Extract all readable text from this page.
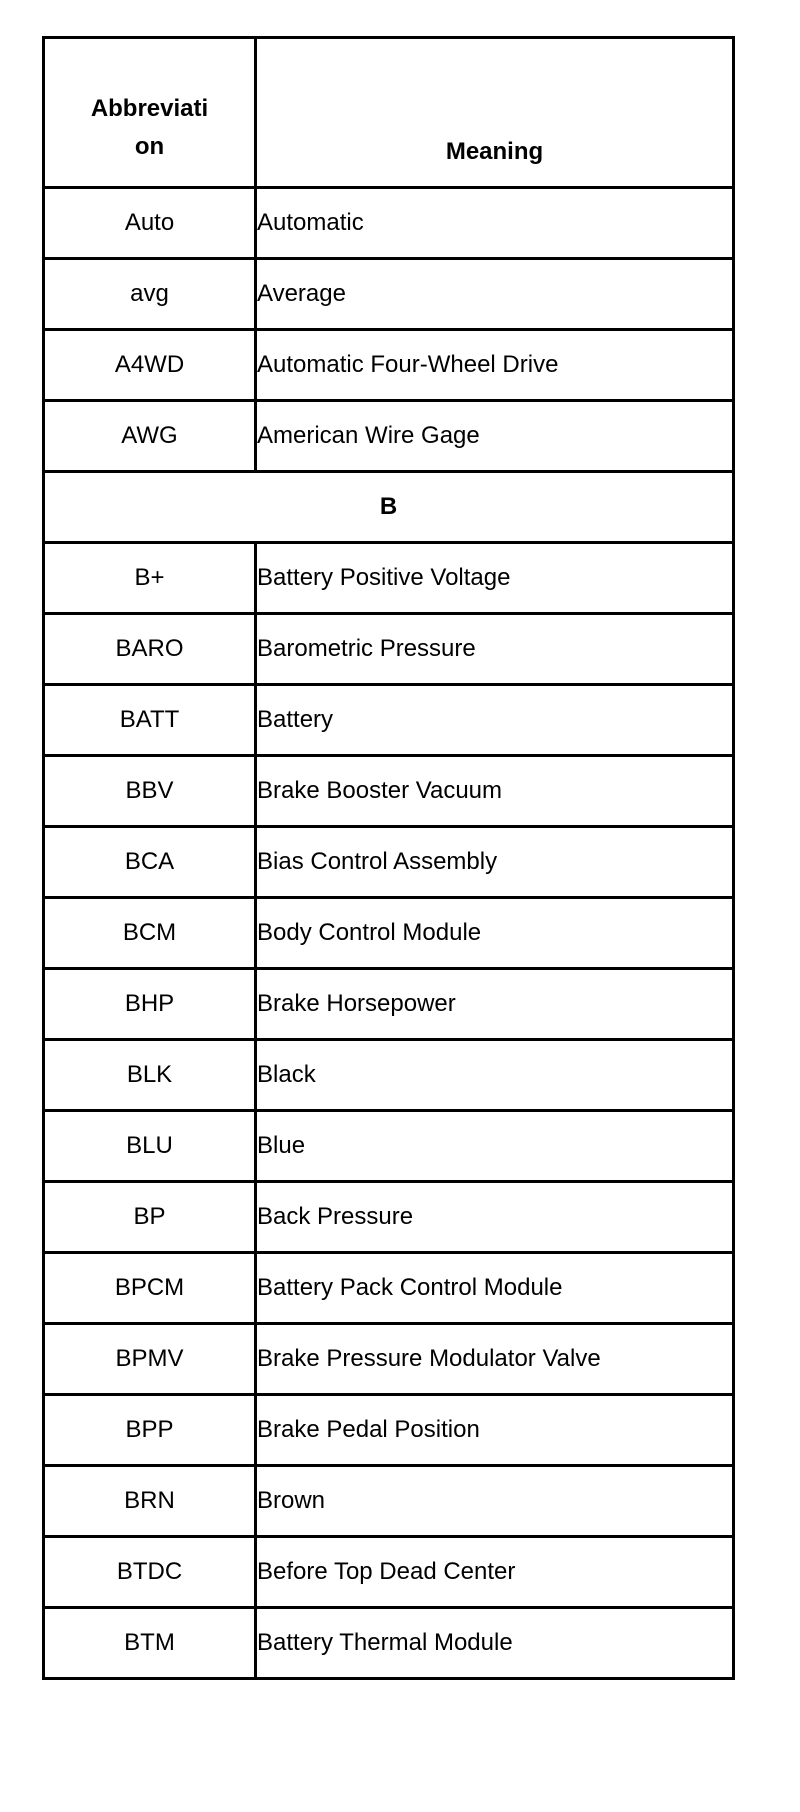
Abbreviati
on	Meaning
Auto	Automatic
avg	Average
A4WD	Automatic Four-Wheel Drive
AWG	American Wire Gage
B	
B+	Battery Positive Voltage
BARO	Barometric Pressure
BATT	Battery
BBV	Brake Booster Vacuum
BCA	Bias Control Assembly
BCM	Body Control Module
BHP	Brake Horsepower
BLK	Black
BLU	Blue
BP	Back Pressure
BPCM	Battery Pack Control Module
BPMV	Brake Pressure Modulator Valve
BPP	Brake Pedal Position
BRN	Brown
BTDC	Before Top Dead Center
BTM	Battery Thermal Module
